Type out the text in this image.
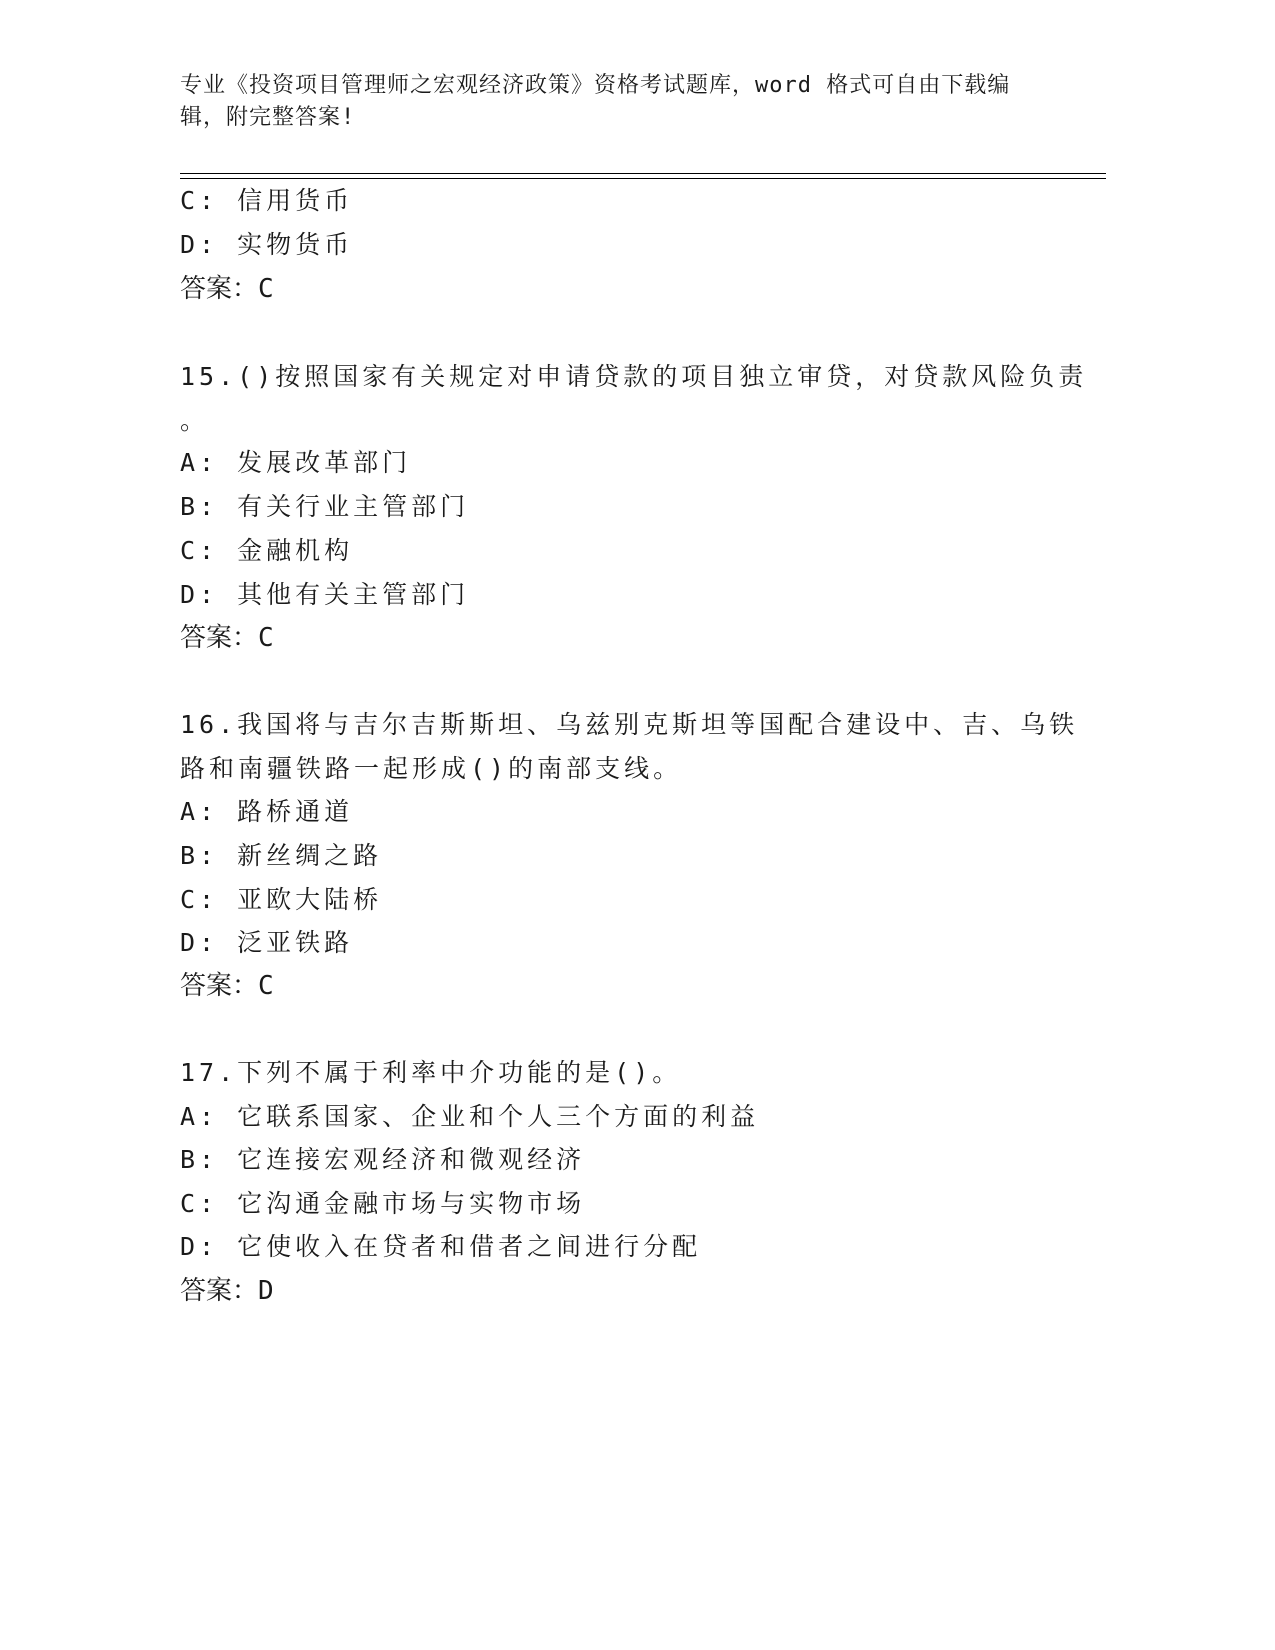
专业《投资项目管理师之宏观经济政策》资格考试题库，word 格式可自由下载编
辑，附完整答案!
C: 信用货币
D: 实物货币
答案：C
15.()按照国家有关规定对申请贷款的项目独立审贷，对贷款风险负责
。
A: 发展改革部门
B: 有关行业主管部门
C: 金融机构
D: 其他有关主管部门
答案：C
16.我国将与吉尔吉斯斯坦、乌兹别克斯坦等国配合建设中、吉、乌铁
路和南疆铁路一起形成()的南部支线。
A: 路桥通道
B: 新丝绸之路
C: 亚欧大陆桥
D: 泛亚铁路
答案：C
17.下列不属于利率中介功能的是()。
A: 它联系国家、企业和个人三个方面的利益
B: 它连接宏观经济和微观经济
C: 它沟通金融市场与实物市场
D: 它使收入在贷者和借者之间进行分配
答案：D
